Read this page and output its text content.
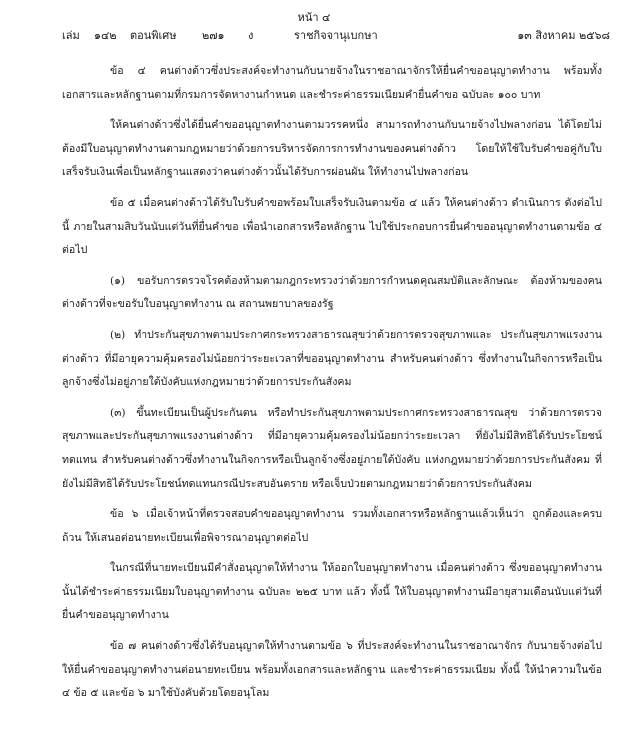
หน้า ๔
เล่ม ๑๔๒ ตอนพิเศษ ๒๗๑ ง	ราชกิจจานุเบกษา	๑๓ สิงหาคม ๒๕๖๘

ข้อ ๔ คนต่างด้าวซึ่งประสงค์จะทำงานกับนายจ้างในราชอาณาจักรให้ยื่นคำขออนุญาตทำงาน พร้อมทั้งเอกสารและหลักฐานตามที่กรมการจัดหางานกำหนด และชำระค่าธรรมเนียมคำยื่นคำขอ ฉบับละ ๑๐๐ บาท

ให้คนต่างด้าวซึ่งได้ยื่นคำขออนุญาตทำงานตามวรรคหนึ่ง สามารถทำงานกับนายจ้างไปพลางก่อน ได้โดยไม่ต้องมีใบอนุญาตทำงานตามกฎหมายว่าด้วยการบริหารจัดการการทำงานของคนต่างด้าว โดยให้ใช้ใบรับคำขอคู่กับใบเสร็จรับเงินเพื่อเป็นหลักฐานแสดงว่าคนต่างด้าวนั้นได้รับการผ่อนผัน ให้ทำงานไปพลางก่อน

ข้อ ๕ เมื่อคนต่างด้าวได้รับใบรับคำขอพร้อมใบเสร็จรับเงินตามข้อ ๔ แล้ว ให้คนต่างด้าว ดำเนินการ ดังต่อไปนี้ ภายในสามสิบวันนับแต่วันที่ยื่นคำขอ เพื่อนำเอกสารหรือหลักฐาน ไปใช้ประกอบการยื่นคำขออนุญาตทำงานตามข้อ ๔ ต่อไป

(๑) ขอรับการตรวจโรคต้องห้ามตามกฎกระทรวงว่าด้วยการกำหนดคุณสมบัติและลักษณะ ต้องห้ามของคนต่างด้าวที่จะขอรับใบอนุญาตทำงาน ณ สถานพยาบาลของรัฐ

(๒) ทำประกันสุขภาพตามประกาศกระทรวงสาธารณสุขว่าด้วยการตรวจสุขภาพและ ประกันสุขภาพแรงงานต่างด้าว ที่มีอายุความคุ้มครองไม่น้อยกว่าระยะเวลาที่ขออนุญาตทำงาน สำหรับคนต่างด้าว ซึ่งทำงานในกิจการหรือเป็นลูกจ้างซึ่งไม่อยู่ภายใต้บังคับแห่งกฎหมายว่าด้วยการประกันสังคม

(๓) ขึ้นทะเบียนเป็นผู้ประกันตน หรือทำประกันสุขภาพตามประกาศกระทรวงสาธารณสุข ว่าด้วยการตรวจสุขภาพและประกันสุขภาพแรงงานต่างด้าว ที่มีอายุความคุ้มครองไม่น้อยกว่าระยะเวลา ที่ยังไม่มีสิทธิได้รับประโยชน์ทดแทน สำหรับคนต่างด้าวซึ่งทำงานในกิจการหรือเป็นลูกจ้างซึ่งอยู่ภายใต้บังคับ แห่งกฎหมายว่าด้วยการประกันสังคม ที่ยังไม่มีสิทธิได้รับประโยชน์ทดแทนกรณีประสบอันตราย หรือเจ็บป่วยตามกฎหมายว่าด้วยการประกันสังคม

ข้อ ๖ เมื่อเจ้าหน้าที่ตรวจสอบคำขออนุญาตทำงาน รวมทั้งเอกสารหรือหลักฐานแล้วเห็นว่า ถูกต้องและครบถ้วน ให้เสนอต่อนายทะเบียนเพื่อพิจารณาอนุญาตต่อไป

ในกรณีที่นายทะเบียนมีคำสั่งอนุญาตให้ทำงาน ให้ออกใบอนุญาตทำงาน เมื่อคนต่างด้าว ซึ่งขออนุญาตทำงานนั้นได้ชำระค่าธรรมเนียมใบอนุญาตทำงาน ฉบับละ ๒๒๕ บาท แล้ว ทั้งนี้ ให้ใบอนุญาตทำงานมีอายุสามเดือนนับแต่วันที่ยื่นคำขออนุญาตทำงาน

ข้อ ๗ คนต่างด้าวซึ่งได้รับอนุญาตให้ทำงานตามข้อ ๖ ที่ประสงค์จะทำงานในราชอาณาจักร กับนายจ้างต่อไป ให้ยื่นคำขออนุญาตทำงานต่อนายทะเบียน พร้อมทั้งเอกสารและหลักฐาน และชำระค่าธรรมเนียม ทั้งนี้ ให้นำความในข้อ ๔ ข้อ ๕ และข้อ ๖ มาใช้บังคับด้วยโดยอนุโลม
